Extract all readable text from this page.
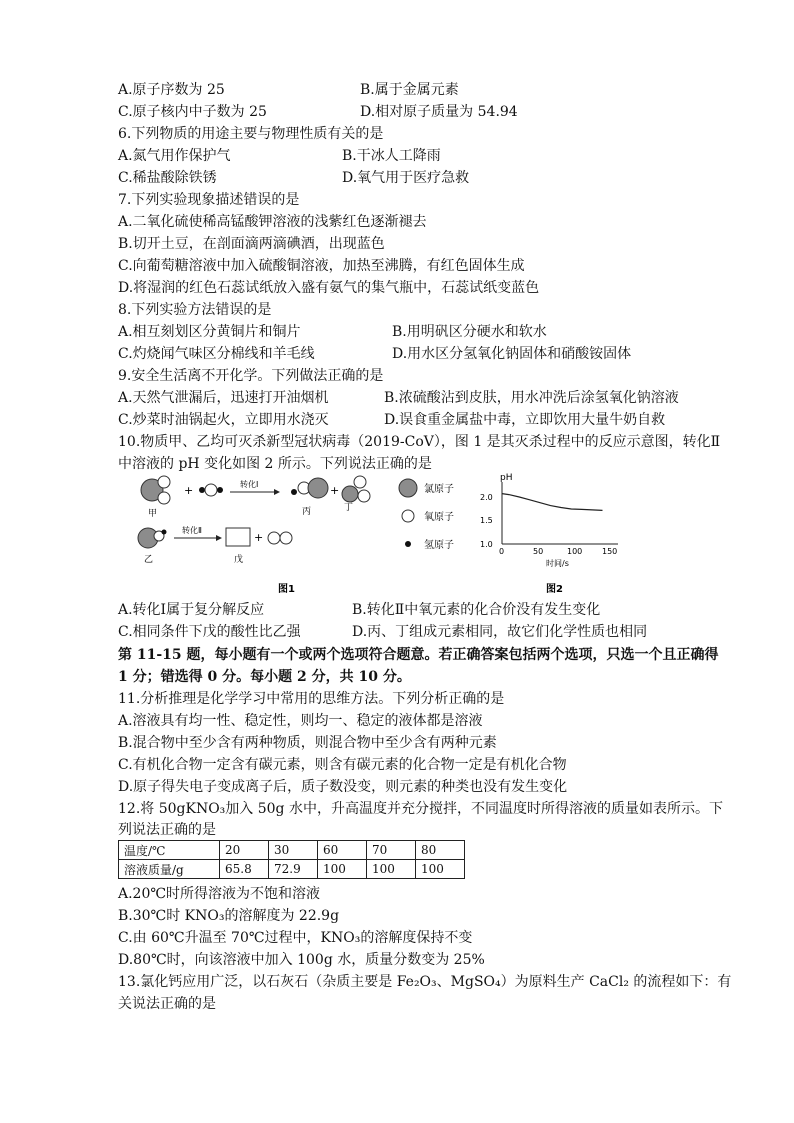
A.原子序数为 25	B.属于金属元素
C.原子核内中子数为 25	D.相对原子质量为 54.94
6.下列物质的用途主要与物理性质有关的是
A.氮气用作保护气	B.干冰人工降雨
C.稀盐酸除铁锈	D.氧气用于医疗急救
7.下列实验现象描述错误的是
A.二氧化硫使稀高锰酸钾溶液的浅紫红色逐渐褪去
B.切开土豆，在剖面滴两滴碘酒，出现蓝色
C.向葡萄糖溶液中加入硫酸铜溶液，加热至沸腾，有红色固体生成
D.将湿润的红色石蕊试纸放入盛有氨气的集气瓶中，石蕊试纸变蓝色
8.下列实验方法错误的是
A.相互刻划区分黄铜片和铜片	B.用明矾区分硬水和软水
C.灼烧闻气味区分棉线和羊毛线	D.用水区分氢氧化钠固体和硝酸铵固体
9.安全生活离不开化学。下列做法正确的是
A.天然气泄漏后，迅速打开油烟机	B.浓硫酸沾到皮肤，用水冲洗后涂氢氧化钠溶液
C.炒菜时油锅起火，立即用水浇灭	D.误食重金属盐中毒，立即饮用大量牛奶自救
10.物质甲、乙均可灭杀新型冠状病毒（2019-CoV），图 1 是其灭杀过程中的反应示意图，转化Ⅱ
中溶液的 pH 变化如图 2 所示。下列说法正确的是
+	转化Ⅰ	+
甲	丙	丁
转化Ⅱ
+
乙	戊
氯原子
氧原子
氢原子
图1
pH
2.0
1.5
1.0
0	50	100 150
时间/s
图2
A.转化Ⅰ属于复分解反应	B.转化Ⅱ中氧元素的化合价没有发生变化
C.相同条件下戊的酸性比乙强	D.丙、丁组成元素相同，故它们化学性质也相同
第 11-15 题，每小题有一个或两个选项符合题意。若正确答案包括两个选项，只选一个且正确得
1 分；错选得 0 分。每小题 2 分，共 10 分。
11.分析推理是化学学习中常用的思维方法。下列分析正确的是
A.溶液具有均一性、稳定性，则均一、稳定的液体都是溶液
B.混合物中至少含有两种物质，则混合物中至少含有两种元素
C.有机化合物一定含有碳元素，则含有碳元素的化合物一定是有机化合物
D.原子得失电子变成离子后，质子数没变，则元素的种类也没有发生变化
12.将 50gKNO₃加入 50g 水中，升高温度并充分搅拌，不同温度时所得溶液的质量如表所示。下
列说法正确的是
温度/℃	20	30	60	70	80
溶液质量/g	65.8	72.9	100	100	100
A.20℃时所得溶液为不饱和溶液
B.30℃时 KNO₃的溶解度为 22.9g
C.由 60℃升温至 70℃过程中，KNO₃的溶解度保持不变
D.80℃时，向该溶液中加入 100g 水，质量分数变为 25%
13.氯化钙应用广泛，以石灰石（杂质主要是 Fe₂O₃、MgSO₄）为原料生产 CaCl₂ 的流程如下：有
关说法正确的是
